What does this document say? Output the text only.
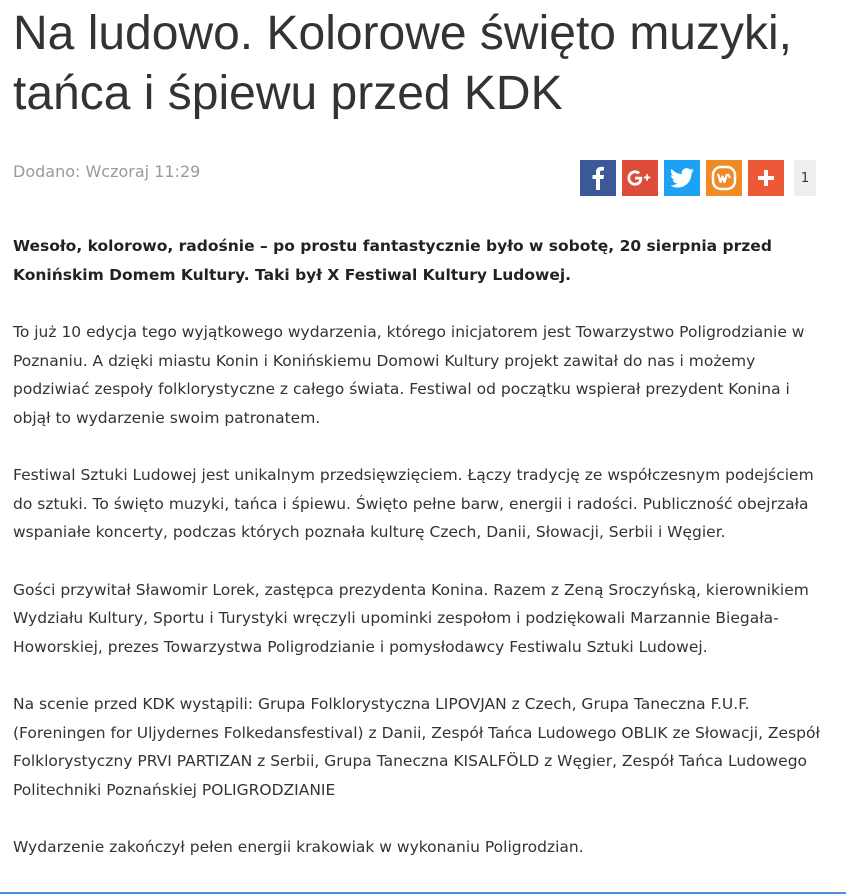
Na ludowo. Kolorowe święto muzyki, tańca i śpiewu przed KDK
Dodano: Wczoraj 11:29	1

Wesoło, kolorowo, radośnie – po prostu fantastycznie było w sobotę, 20 sierpnia przed Konińskim Domem Kultury. Taki był X Festiwal Kultury Ludowej.

To już 10 edycja tego wyjątkowego wydarzenia, którego inicjatorem jest Towarzystwo Poligrodzianie w Poznaniu. A dzięki miastu Konin i Konińskiemu Domowi Kultury projekt zawitał do nas i możemy podziwiać zespoły folklorystyczne z całego świata. Festiwal od początku wspierał prezydent Konina i objął to wydarzenie swoim patronatem.

Festiwal Sztuki Ludowej jest unikalnym przedsięwzięciem. Łączy tradycję ze współczesnym podejściem do sztuki. To święto muzyki, tańca i śpiewu. Święto pełne barw, energii i radości. Publiczność obejrzała wspaniałe koncerty, podczas których poznała kulturę Czech, Danii, Słowacji, Serbii i Węgier.

Gości przywitał Sławomir Lorek, zastępca prezydenta Konina. Razem z Zeną Sroczyńską, kierownikiem Wydziału Kultury, Sportu i Turystyki wręczyli upominki zespołom i podziękowali Marzannie Biegała-Howorskiej, prezes Towarzystwa Poligrodzianie i pomysłodawcy Festiwalu Sztuki Ludowej.

Na scenie przed KDK wystąpili: Grupa Folklorystyczna LIPOVJAN z Czech, Grupa Taneczna F.U.F. (Foreningen for Uljydernes Folkedansfestival) z Danii, Zespół Tańca Ludowego OBLIK ze Słowacji, Zespół Folklorystyczny PRVI PARTIZAN z Serbii, Grupa Taneczna KISALFÖLD z Węgier, Zespół Tańca Ludowego Politechniki Poznańskiej POLIGRODZIANIE

Wydarzenie zakończył pełen energii krakowiak w wykonaniu Poligrodzian.
